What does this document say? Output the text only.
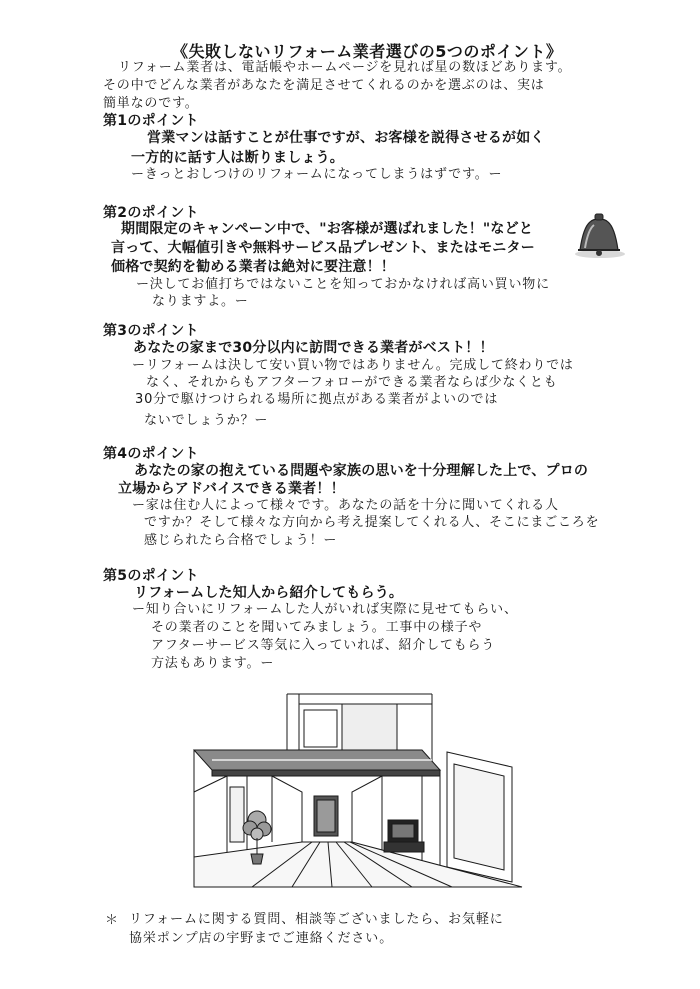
《失敗しないリフォーム業者選びの5つのポイント》
リフォーム業者は、電話帳やホームページを見れば星の数ほどあります。
その中でどんな業者があなたを満足させてくれるのかを選ぶのは、実は
簡単なのです。
第1のポイント
営業マンは話すことが仕事ですが、お客様を説得させるが如く
一方的に話す人は断りましょう。
ーきっとおしつけのリフォームになってしまうはずです。ー
第2のポイント
期間限定のキャンペーン中で、"お客様が選ばれました！"などと
言って、大幅値引きや無料サービス品プレゼント、またはモニター
価格で契約を勧める業者は絶対に要注意！！
ー決してお値打ちではないことを知っておかなければ高い買い物に
なりますよ。ー
第3のポイント
あなたの家まで30分以内に訪問できる業者がベスト！！
ーリフォームは決して安い買い物ではありません。完成して終わりでは
なく、それからもアフターフォローができる業者ならば少なくとも
30分で駆けつけられる場所に拠点がある業者がよいのでは
ないでしょうか？ー
第4のポイント
あなたの家の抱えている問題や家族の思いを十分理解した上で、プロの
立場からアドバイスできる業者！！
ー家は住む人によって様々です。あなたの話を十分に聞いてくれる人
ですか？そして様々な方向から考え提案してくれる人、そこにまごころを
感じられたら合格でしょう！ー
第5のポイント
リフォームした知人から紹介してもらう。
ー知り合いにリフォームした人がいれば実際に見せてもらい、
その業者のことを聞いてみましょう。工事中の様子や
アフターサービス等気に入っていれば、紹介してもらう
方法もあります。ー
＊ リフォームに関する質問、相談等ございましたら、お気軽に
協栄ポンプ店の宇野までご連絡ください。
